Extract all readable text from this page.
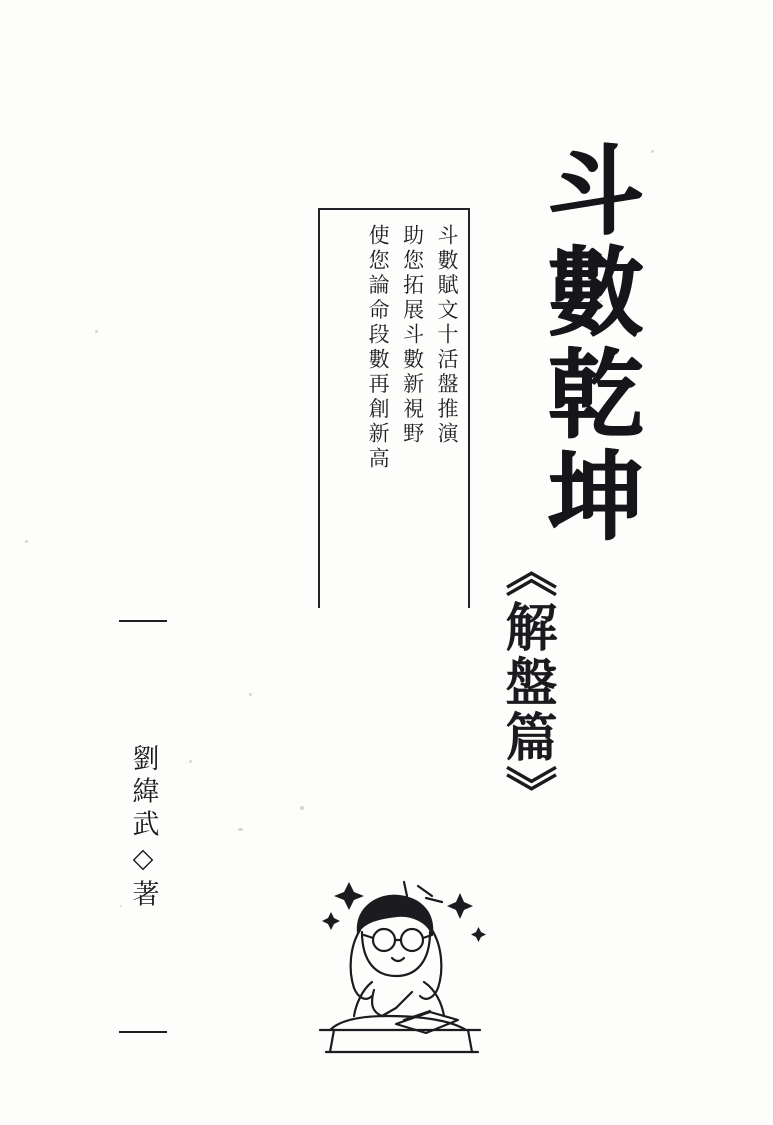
斗數乾坤
《解盤篇》
斗數賦文十活盤推演
助您拓展斗數新視野
使您論命段數再創新高
劉緯武◇著
